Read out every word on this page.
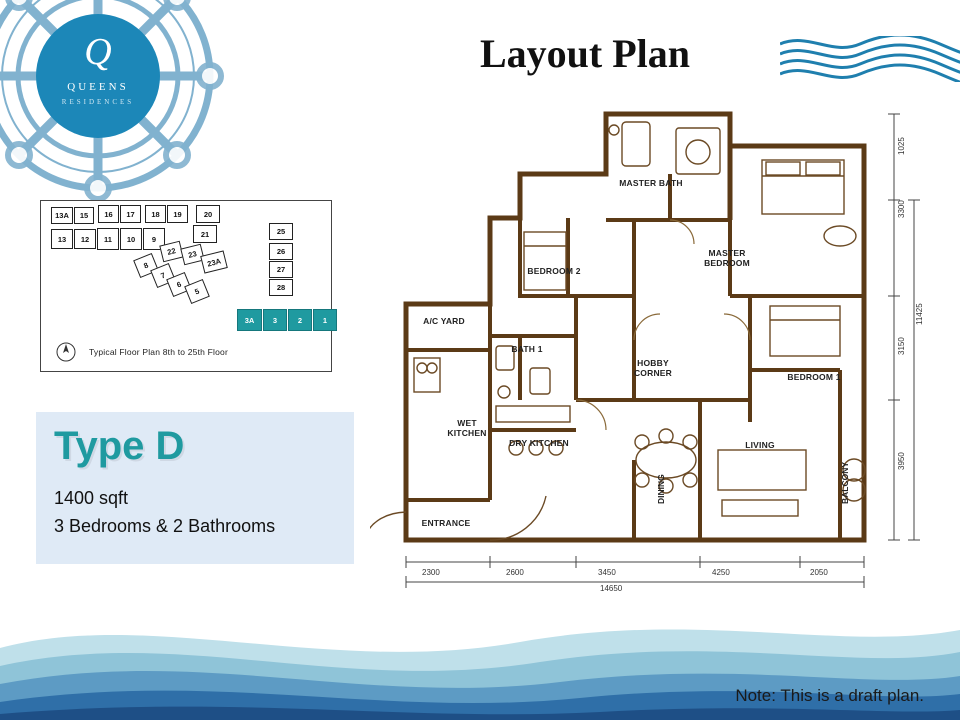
Q
QUEENS
RESIDENCES
Layout Plan
13A 15 16 17 18 19	20
21
13 12 11 10 9
22 23
23A
8
7
6
5
25
26
27
28
3A 3	2	1
Typical Floor Plan 8th to 25th Floor
Type D
1400 sqft
3 Bedrooms & 2 Bathrooms
MASTER BATH
BEDROOM 2
MASTER BEDROOM
A/C YARD
BATH 1
HOBBY CORNER	BEDROOM 1
WET KITCHEN
DRY KITCHEN	LIVING
ENTRANCE
DINING	BALCONY
2300	2600	3450	4250	2050
14650
1025
3300
3150
11425
3950
Note: This is a draft plan.
